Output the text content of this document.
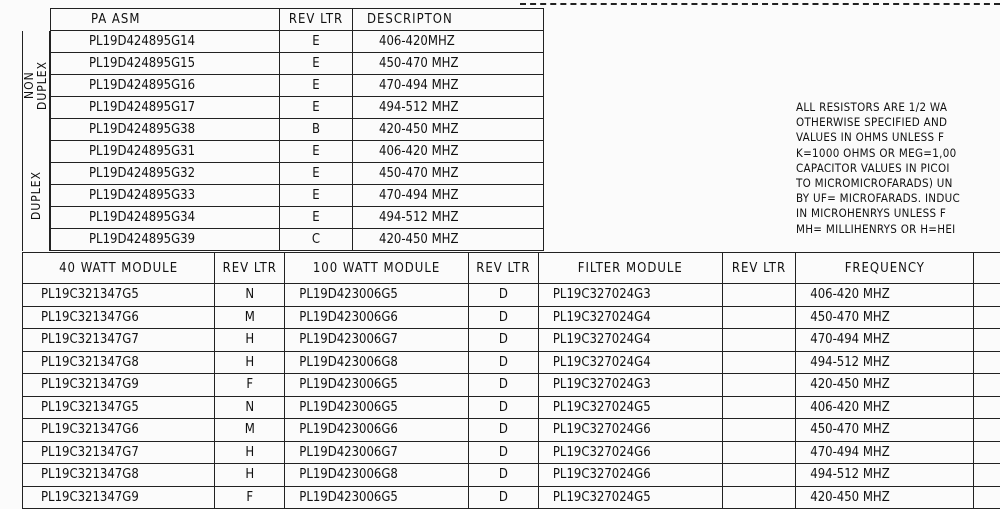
	PA ASM	REV LTR	DESCRIPTON

NON DUPLEX	PL19D424895G14	E	406-420MHZ
	PL19D424895G15	E	450-470 MHZ
	PL19D424895G16	E	470-494 MHZ
	PL19D424895G17	E	494-512 MHZ
	PL19D424895G38	B	420-450 MHZ

DUPLEX	PL19D424895G31	E	406-420 MHZ
	PL19D424895G32	E	450-470 MHZ
	PL19D424895G33	E	470-494 MHZ
	PL19D424895G34	E	494-512 MHZ
	PL19D424895G39	C	420-450 MHZ
ALL RESISTORS ARE 1/2 WA
OTHERWISE SPECIFIED AND
VALUES IN OHMS UNLESS F
K=1000 OHMS OR MEG=1,00
CAPACITOR VALUES IN PICOI
TO MICROMICROFARADS) UN
BY UF= MICROFARADS. INDUC
IN MICROHENRYS UNLESS F
MH= MILLIHENRYS OR H=HEI
40 WATT MODULE	REV LTR	100 WATT MODULE	REV LTR	FILTER MODULE	REV LTR	FREQUENCY	
PL19C321347G5	N	PL19D423006G5	D	PL19C327024G3		406-420 MHZ	
PL19C321347G6	M	PL19D423006G6	D	PL19C327024G4		450-470 MHZ	
PL19C321347G7	H	PL19D423006G7	D	PL19C327024G4		470-494 MHZ	
PL19C321347G8	H	PL19D423006G8	D	PL19C327024G4		494-512 MHZ	
PL19C321347G9	F	PL19D423006G5	D	PL19C327024G3		420-450 MHZ	
PL19C321347G5	N	PL19D423006G5	D	PL19C327024G5		406-420 MHZ	
PL19C321347G6	M	PL19D423006G6	D	PL19C327024G6		450-470 MHZ	
PL19C321347G7	H	PL19D423006G7	D	PL19C327024G6		470-494 MHZ	
PL19C321347G8	H	PL19D423006G8	D	PL19C327024G6		494-512 MHZ	
PL19C321347G9	F	PL19D423006G5	D	PL19C327024G5		420-450 MHZ	
